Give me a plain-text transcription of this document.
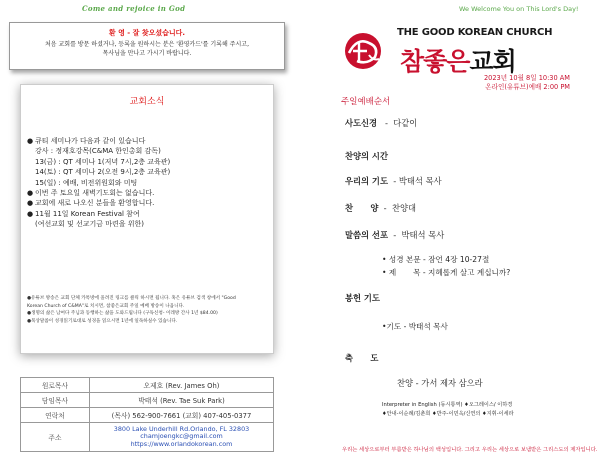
Come and rejoice in God
환 영 - 잘 찾오셨습니다.
처음 교회를 방문 하셨거나, 등록을 원하시는 분은 '환영카드'를 기록해 주시고,
목사님을 만나고 가시기 바랍니다.
교회소식
● 큐티 세미나가 다음과 같이 있습니다
강사 : 정재호강목(C&MA 한인총회 감독)
13(금) : QT 세미나 1(저녁 7시,2층 교육관)
14(토) : QT 세미나 2(오전 9시,2층 교육관)
15(일) : 예배, 비전위원회와 미팅
● 이번 주 토요일 새벽기도회는 없습니다.
● 교회에 새로 나오신 분들을 환영합니다.
● 11월 11일 Korean Festival 참여
(여선교회 및 선교기금 마련을 위한)
●유튜브 방송은 교회 단체 카톡방에 올려진 링크를 클릭 하시면 됩니다. 혹은 유튜브 검색 창에서 "Good
Korean Church of C&MA"로 치시면, 참좋은교회 주일 예배 방송이 나옵니다.
●생명의 삶은 남여다 주님과 동행하는 삶을 도와드립니다 (구독신청- 이레방 간사 1년 $84.00)
●묵상말씀이 성경읽기로대로 성경을 읽으시면 1년에 일독하실수 있습니다.
원로목사	오제호 (Rev. James Oh)
담임목사	박태석 (Rev. Tae Suk Park)
연락처	(목사) 562-900-7661 (교회) 407-405-0377
주소	3800 Lake Underhill Rd.Orlando, FL 32803
chamjoengkc@gmail.com
https://www.orlandokorean.com
We Welcome You on This Lord's Day!
THE GOOD KOREAN CHURCH
참좋은교회
2023년 10월 8일 10:30 AM
온라인(유튜브)예배 2:00 PM
주일예배순서
사도신경 - 다같이
찬양의 시간
우리의 기도 - 박태석 목사
찬      양 - 찬양대
말씀의 선포 - 박태석 목사
• 성경 본문 - 잠언 4장 10-27절
• 제       목 - 지혜롭게 살고 계십니까?
봉헌 기도
•기도 - 박태석 목사
축      도
찬양 - 가서 제자 삼으라
Interpreter in English (동시통역) ♦오그레이스/ 이하경
♦안내-이순례/김춘희 ♦반주-이민옥/신연의 ♦지휘-이세라
우리는 세상으로부터 부름받은 하나님의 백성입니다. 그리고 우리는 세상으로 보냄받은 그리스도의 제자입니다.
